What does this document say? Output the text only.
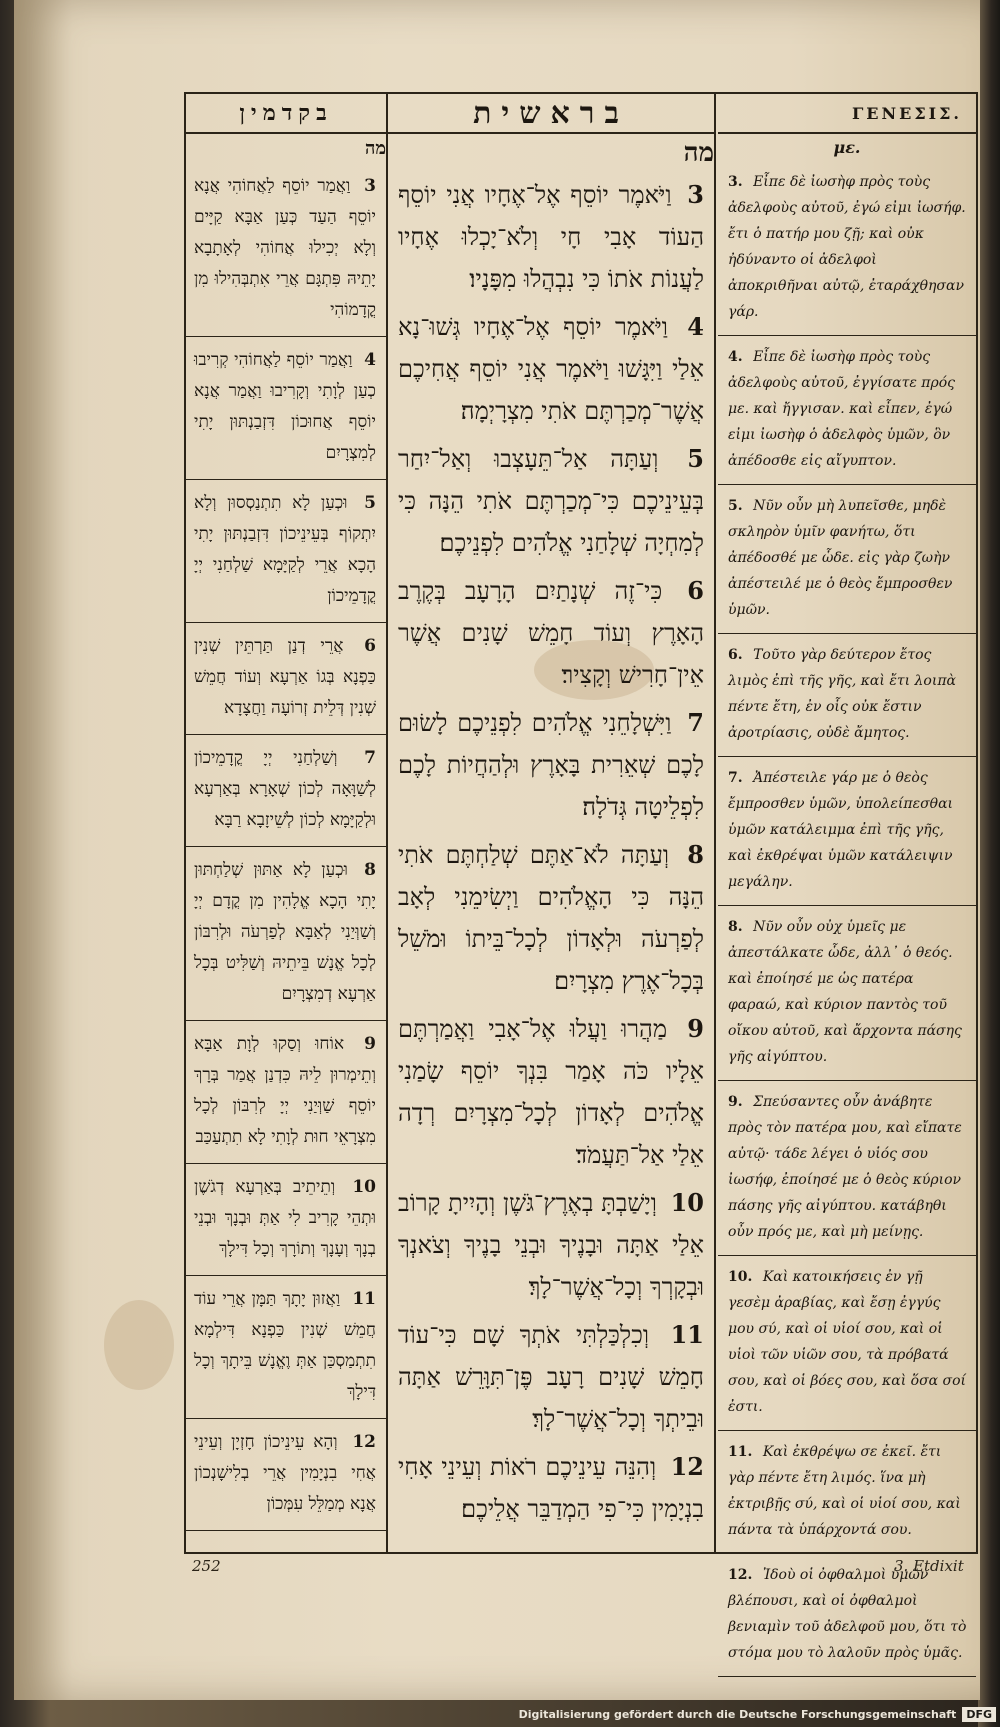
בקדמין
מה
3 וַאֲמַר יוֹסֵף לַאֲחוֹהִי אֲנָא יוֹסֵף הַעַד כְּעַן אַבָּא קַיָּים וְלָא יְכִילוּ אֲחוֹהִי לְאָתָבָא יָתֵיהּ פִּתְגָּם אֲרֵי אִתְבְּהִילוּ מִן קֳדָמוֹהִי
4 וַאֲמַר יוֹסֵף לַאֲחוֹהִי קְרִיבוּ כְעַן לְוָתִי וְקָרִיבוּ וַאֲמַר אֲנָא יוֹסֵף אֲחוּכוֹן דִּזְבַנְתּוּן יָתִי לְמִצְרָיִם
5 וּכְעַן לָא תִתְנַסְסוּן וְלָא יִתְקוֹף בְּעֵינֵיכוֹן דִּזְבַנְתּוּן יָתִי הָכָא אֲרֵי לְקַיָּמָא שַׁלְחַנִי יְיָ קֳדָמֵיכוֹן
6 אֲרֵי דְנַן תַּרְתֵּין שְׁנִין כַּפְנָא בְּגוֹ אַרְעָא וְעוֹד חֲמֵשׁ שְׁנִין דְּלֵית זְרוֹעָה וַחֲצָדָא
7 וְשַׁלְחַנִי יְיָ קֳדָמֵיכוֹן לְשַׁוָּאָה לְכוֹן שְׁאָרָא בְּאַרְעָא וּלְקַיָּמָא לְכוֹן לְשֵׁיזָבָא רַבָּא
8 וּכְעַן לָא אַתּוּן שְׁלַחְתּוּן יָתִי הָכָא אֱלָהִין מִן קֳדָם יְיָ וְשַׁוְּיַנִי לְאַבָּא לְפַרְעֹה וּלְרִבּוֹן לְכָל אֱנָשׁ בֵּיתֵיהּ וְשַׁלִּיט בְּכָל אַרְעָא דְמִצְרָיִם
9 אוֹחוּ וְסַקוּ לְוָת אַבָּא וְתֵימְרוּן לֵיהּ כִּדְנַן אֲמַר בְּרָךְ יוֹסֵף שַׁוְּיַנִי יְיָ לְרִבּוֹן לְכָל מִצְרָאֵי חוּת לְוָתִי לָא תִתְעַכַּב
10 וְתֵיתֵיב בְּאַרְעָא דְגֹשֶׁן וּתְהֵי קָרִיב לִי אַתְּ וּבְנָךְ וּבְנֵי בְנָךְ וְעָנָךְ וְתוֹרָךְ וְכָל דִּילָךְ
11 וַאֲזוּן יָתָךְ תַּמָּן אֲרֵי עוֹד חֲמֵשׁ שְׁנִין כַּפְנָא דִּילְמָא תִתְמַסְכַּן אַתְּ וֶאֱנָשׁ בֵּיתָךְ וְכָל דִּילָךְ
12 וְהָא עֵינֵיכוֹן חָזְיָן וְעֵינֵי אֲחִי בִנְיָמִין אֲרֵי בְלִישָׁנְכוֹן אֲנָא מְמַלֵּל עִמְּכוֹן
בראשית
מה
3 וַיֹּאמֶר יוֹסֵף אֶל־אֶחָיו אֲנִי יוֹסֵף הַעוֹד אָבִי חָי וְלֹא־יָכְלוּ אֶחָיו לַעֲנוֹת אֹתוֹ כִּי נִבְהֲלוּ מִפָּנָיו׃
4 וַיֹּאמֶר יוֹסֵף אֶל־אֶחָיו גְּשׁוּ־נָא אֵלַי וַיִּגָּשׁוּ וַיֹּאמֶר אֲנִי יוֹסֵף אֲחִיכֶם אֲשֶׁר־מְכַרְתֶּם אֹתִי מִצְרָיְמָה׃
5 וְעַתָּה אַל־תֵּעָצְבוּ וְאַל־יִחַר בְּעֵינֵיכֶם כִּי־מְכַרְתֶּם אֹתִי הֵנָּה כִּי לְמִחְיָה שְׁלָחַנִי אֱלֹהִים לִפְנֵיכֶם׃
6 כִּי־זֶה שְׁנָתַיִם הָרָעָב בְּקֶרֶב הָאָרֶץ וְעוֹד חָמֵשׁ שָׁנִים אֲשֶׁר אֵין־חָרִישׁ וְקָצִיר׃
7 וַיִּשְׁלָחֵנִי אֱלֹהִים לִפְנֵיכֶם לָשׂוּם לָכֶם שְׁאֵרִית בָּאָרֶץ וּלְהַחֲיוֹת לָכֶם לִפְלֵיטָה גְּדֹלָה׃
8 וְעַתָּה לֹא־אַתֶּם שְׁלַחְתֶּם אֹתִי הֵנָּה כִּי הָאֱלֹהִים וַיְשִׂימֵנִי לְאָב לְפַרְעֹה וּלְאָדוֹן לְכָל־בֵּיתוֹ וּמֹשֵׁל בְּכָל־אֶרֶץ מִצְרָיִם׃
9 מַהֲרוּ וַעֲלוּ אֶל־אָבִי וַאֲמַרְתֶּם אֵלָיו כֹּה אָמַר בִּנְךָ יוֹסֵף שָׂמַנִי אֱלֹהִים לְאָדוֹן לְכָל־מִצְרָיִם רְדָה אֵלַי אַל־תַּעֲמֹד׃
10 וְיָשַׁבְתָּ בְאֶרֶץ־גֹּשֶׁן וְהָיִיתָ קָרוֹב אֵלַי אַתָּה וּבָנֶיךָ וּבְנֵי בָנֶיךָ וְצֹאנְךָ וּבְקָרְךָ וְכָל־אֲשֶׁר־לָךְ׃
11 וְכִלְכַּלְתִּי אֹתְךָ שָׁם כִּי־עוֹד חָמֵשׁ שָׁנִים רָעָב פֶּן־תִּוָּרֵשׁ אַתָּה וּבֵיתְךָ וְכָל־אֲשֶׁר־לָךְ׃
12 וְהִנֵּה עֵינֵיכֶם רֹאוֹת וְעֵינֵי אָחִי בִנְיָמִין כִּי־פִי הַמְדַבֵּר אֲלֵיכֶם׃
ΓΕΝΕΣΙΣ.
με.
3. Εἶπε δὲ ἰωσὴφ πρὸς τοὺς ἀδελφοὺς αὐτοῦ, ἐγώ εἰμι ἰωσήφ. ἔτι ὁ πατήρ μου ζῇ; καὶ οὐκ ἠδύναντο οἱ ἀδελφοὶ ἀποκριθῆναι αὐτῷ, ἐταράχθησαν γάρ.
4. Εἶπε δὲ ἰωσὴφ πρὸς τοὺς ἀδελφοὺς αὐτοῦ, ἐγγίσατε πρός με. καὶ ἤγγισαν. καὶ εἶπεν, ἐγώ εἰμι ἰωσὴφ ὁ ἀδελφὸς ὑμῶν, ὃν ἀπέδοσθε εἰς αἴγυπτον.
5. Νῦν οὖν μὴ λυπεῖσθε, μηδὲ σκληρὸν ὑμῖν φανήτω, ὅτι ἀπέδοσθέ με ὧδε. εἰς γὰρ ζωὴν ἀπέστειλέ με ὁ θεὸς ἔμπροσθεν ὑμῶν.
6. Τοῦτο γὰρ δεύτερον ἔτος λιμὸς ἐπὶ τῆς γῆς, καὶ ἔτι λοιπὰ πέντε ἔτη, ἐν οἷς οὐκ ἔστιν ἀροτρίασις, οὐδὲ ἄμητος.
7. Ἀπέστειλε γάρ με ὁ θεὸς ἔμπροσθεν ὑμῶν, ὑπολείπεσθαι ὑμῶν κατάλειμμα ἐπὶ τῆς γῆς, καὶ ἐκθρέψαι ὑμῶν κατάλειψιν μεγάλην.
8. Νῦν οὖν οὐχ ὑμεῖς με ἀπεστάλκατε ὧδε, ἀλλ᾽ ὁ θεός. καὶ ἐποίησέ με ὡς πατέρα φαραώ, καὶ κύριον παντὸς τοῦ οἴκου αὐτοῦ, καὶ ἄρχοντα πάσης γῆς αἰγύπτου.
9. Σπεύσαντες οὖν ἀνάβητε πρὸς τὸν πατέρα μου, καὶ εἴπατε αὐτῷ· τάδε λέγει ὁ υἱός σου ἰωσήφ, ἐποίησέ με ὁ θεὸς κύριον πάσης γῆς αἰγύπτου. κατάβηθι οὖν πρός με, καὶ μὴ μείνῃς.
10. Καὶ κατοικήσεις ἐν γῇ γεσὲμ ἀραβίας, καὶ ἔσῃ ἐγγύς μου σύ, καὶ οἱ υἱοί σου, καὶ οἱ υἱοὶ τῶν υἱῶν σου, τὰ πρόβατά σου, καὶ οἱ βόες σου, καὶ ὅσα σοί ἐστι.
11. Καὶ ἐκθρέψω σε ἐκεῖ. ἔτι γὰρ πέντε ἔτη λιμός. ἵνα μὴ ἐκτριβῇς σύ, καὶ οἱ υἱοί σου, καὶ πάντα τὰ ὑπάρχοντά σου.
12. Ἰδοὺ οἱ ὀφθαλμοὶ ὑμῶν βλέπουσι, καὶ οἱ ὀφθαλμοὶ βενιαμὶν τοῦ ἀδελφοῦ μου, ὅτι τὸ στόμα μου τὸ λαλοῦν πρὸς ὑμᾶς.
252	3. Etdixit
Digitalisierung gefördert durch die Deutsche Forschungsgemeinschaft DFG
